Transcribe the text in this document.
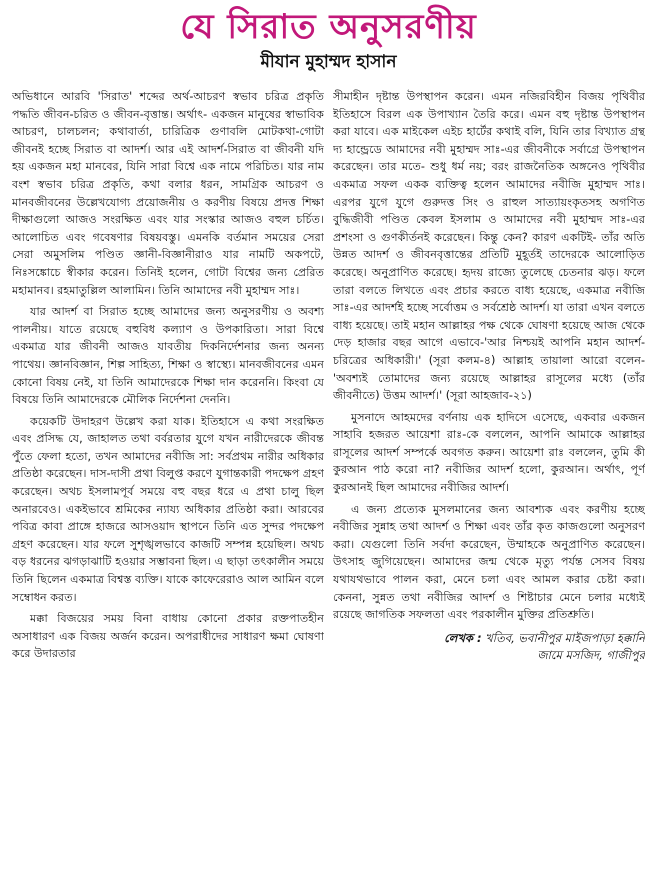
যে সিরাত অনুসরণীয়
মীযান মুহাম্মদ হাসান

অভিধানে আরবি 'সিরাত' শব্দের অর্থ-আচরণ স্বভাব চরিত্র প্রকৃতি পদ্ধতি জীবন-চরিত ও জীবন-বৃত্তান্ত। অর্থাৎ- একজন মানুষের স্বাভাবিক আচরণ, চালচলন; কথাবার্তা, চারিত্রিক গুণাবলি মোটকথা-গোটা জীবনই হচ্ছে সিরাত বা আদর্শ। আর এই আদর্শ-সিরাত বা জীবনী যদি হয় একজন মহা মানবের, যিনি সারা বিশ্বে এক নামে পরিচিত। যার নাম বংশ স্বভাব চরিত্র প্রকৃতি, কথা বলার ধরন, সামগ্রিক আচরণ ও মানবজীবনের উল্লেখযোগ্য প্রয়োজনীয় ও করণীয় বিষয়ে প্রদত্ত শিক্ষা দীক্ষাগুলো আজও সংরক্ষিত এবং যার সংস্কার আজও বহুল চর্চিত। আলোচিত এবং গবেষণার বিষয়বস্তু। এমনকি বর্তমান সময়ের সেরা সেরা অমুসলিম পণ্ডিত জ্ঞানী-বিজ্ঞানীরাও যার নামটি অকপটে, নিঃসঙ্কোচে স্বীকার করেন। তিনিই হলেন, গোটা বিশ্বের জন্য প্রেরিত মহামানব। রহমাতুল্লিল আলামিন। তিনি আমাদের নবী মুহাম্মদ সাঃ।

যার আদর্শ বা সিরাত হচ্ছে আমাদের জন্য অনুসরণীয় ও অবশ্য পালনীয়। যাতে রয়েছে বহুবিধ কল্যাণ ও উপকারিতা। সারা বিশ্বে একমাত্র যার জীবনী আজও যাবতীয় দিকনির্দেশনার জন্য অনন্য পাথেয়। জ্ঞানবিজ্ঞান, শিল্প সাহিত্য, শিক্ষা ও স্বাস্থ্যে। মানবজীবনের এমন কোনো বিষয় নেই, যা তিনি আমাদেরকে শিক্ষা দান করেননি। কিংবা যে বিষয়ে তিনি আমাদেরকে মৌলিক নির্দেশনা দেননি।

কয়েকটি উদাহরণ উল্লেখ করা যাক। ইতিহাসে এ কথা সংরক্ষিত এবং প্রসিদ্ধ যে, জাহালত তথা বর্বরতার যুগে যখন নারীদেরকে জীবন্ত পুঁতে ফেলা হতো, তখন আমাদের নবীজি সা: সর্বপ্রথম নারীর অধিকার প্রতিষ্ঠা করেছেন। দাস-দাসী প্রথা বিলুপ্ত করণে যুগান্তকারী পদক্ষেপ গ্রহণ করেছেন। অথচ ইসলামপূর্ব সময়ে বহু বছর ধরে এ প্রথা চালু ছিল অনারবেও। একইভাবে শ্রমিকের ন্যায্য অধিকার প্রতিষ্ঠা করা। আরবের পবিত্র কাবা প্রাঙ্গে হাজরে আসওয়াদ স্থাপনে তিনি এত সুন্দর পদক্ষেপ গ্রহণ করেছেন। যার ফলে সুশৃঙ্খলভাবে কাজটি সম্পন্ন হয়েছিল। অথচ বড় ধরনের ঝগড়াঝাটি হওয়ার সম্ভাবনা ছিল। এ ছাড়া তৎকালীন সময়ে তিনি ছিলেন একমাত্র বিশ্বস্ত ব্যক্তি। যাকে কাফেরেরাও আল আমিন বলে সম্বোধন করত।

মক্কা বিজয়ের সময় বিনা বাধায় কোনো প্রকার রক্তপাতহীন অসাধারণ এক বিজয় অর্জন করেন। অপরাধীদের সাধারণ ক্ষমা ঘোষণা করে উদারতার

সীমাহীন দৃষ্টান্ত উপস্থাপন করেন। এমন নজিরবিহীন বিজয় পৃথিবীর ইতিহাসে বিরল এক উপাখ্যান তৈরি করে। এমন বহু দৃষ্টান্ত উপস্থাপন করা যাবে। এক মাইকেল এইচ হার্টের কথাই বলি, যিনি তার বিখ্যাত গ্রন্থ দ্য হান্ড্রেডে আমাদের নবী মুহাম্মদ সাঃ-এর জীবনীকে সর্বাগ্রে উপস্থাপন করেছেন। তার মতে- শুধু ধর্ম নয়; বরং রাজনৈতিক অঙ্গনেও পৃথিবীর একমাত্র সফল একক ব্যক্তিত্ব হলেন আমাদের নবীজি মুহাম্মদ সাঃ। এরপর যুগে যুগে গুরুদত্ত সিং ও রাহুল সাত্যায়ংকৃতসহ অগণিত বুদ্ধিজীবী পণ্ডিত কেবল ইসলাম ও আমাদের নবী মুহাম্মদ সাঃ-এর প্রশংসা ও গুণকীর্তনই করেছেন। কিন্তু কেন? কারণ একটিই- তাঁর অতি উন্নত আদর্শ ও জীবনবৃত্তান্তের প্রতিটি মুহূর্তই তাদেরকে আলোড়িত করেছে। অনুপ্রাণিত করেছে। হৃদয় রাজ্যে তুলেছে চেতনার ঝড়। ফলে তারা বলতে লিখতে এবং প্রচার করতে বাধ্য হয়েছে, একমাত্র নবীজি সাঃ-এর আদর্শই হচ্ছে সর্বোত্তম ও সর্বশ্রেষ্ঠ আদর্শ। যা তারা এখন বলতে বাধ্য হয়েছে। তাই মহান আল্লাহর পক্ষ থেকে ঘোষণা হয়েছে আজ থেকে দেড় হাজার বছর আগে এভাবে-'আর নিশ্চয়ই আপনি মহান আদর্শ-চরিত্রের অধিকারী।' (সূরা কলম-৪) আল্লাহ তায়ালা আরো বলেন-'অবশ্যই তোমাদের জন্য রয়েছে আল্লাহর রাসূলের মধ্যে (তাঁর জীবনীতে) উত্তম আদর্শ।' (সূরা আহজাব-২১)

মুসনাদে আহমদের বর্ণনায় এক হাদিসে এসেছে, একবার একজন সাহাবি হজরত আয়েশা রাঃ-কে বললেন, আপনি আমাকে আল্লাহর রাসূলের আদর্শ সম্পর্কে অবগত করুন। আয়েশা রাঃ বললেন, তুমি কী কুরআন পাঠ করো না? নবীজির আদর্শ হলো, কুরআন। অর্থাৎ, পূর্ণ কুরআনই ছিল আমাদের নবীজির আদর্শ।

এ জন্য প্রত্যেক মুসলমানের জন্য আবশ্যক এবং করণীয় হচ্ছে নবীজির সুন্নাহ তথা আদর্শ ও শিক্ষা এবং তাঁর কৃত কাজগুলো অনুসরণ করা। যেগুলো তিনি সর্বদা করেছেন, উম্মাহকে অনুপ্রাণিত করেছেন। উৎসাহ জুগিয়েছেন। আমাদের জন্ম থেকে মৃত্যু পর্যন্ত সেসব বিষয় যথাযথভাবে পালন করা, মেনে চলা এবং আমল করার চেষ্টা করা। কেননা, সুন্নত তথা নবীজির আদর্শ ও শিষ্টাচার মেনে চলার মধ্যেই রয়েছে জাগতিক সফলতা এবং পরকালীন মুক্তির প্রতিশ্রুতি।

লেখক : খতিব, ভবানীপুর মাইজপাড়া হক্কানি
জামে মসজিদ, গাজীপুর
